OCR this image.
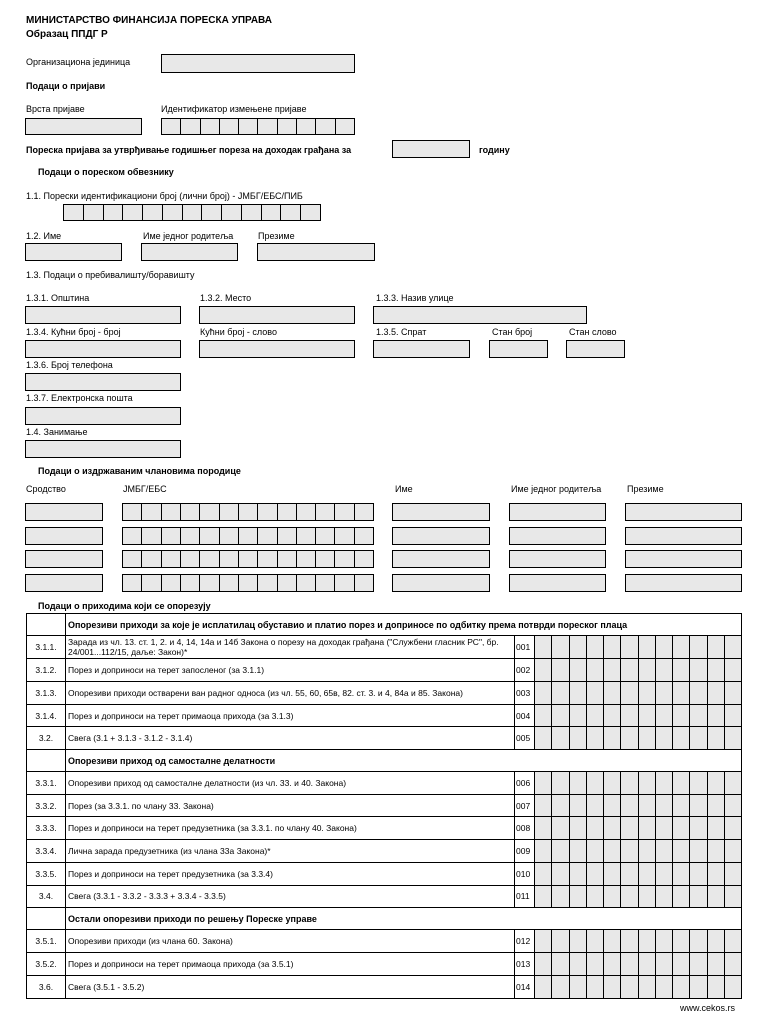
МИНИСТАРСТВО ФИНАНСИЈА ПОРЕСКА УПРАВА
Образац ППДГ Р
Организациона јединица
Подаци о пријави
Врста пријаве	Идентификатор измењене пријаве
Пореска пријава за утврђивање годишњег пореза на доходак грађана за	годину
Подаци о пореском обвезнику
1.1. Порески идентификациони број (лични број) - ЈМБГ/ЕБС/ПИБ
1.2. Име	Име једног родитеља	Презиме
1.3. Подаци о пребивалишту/боравишту
1.3.1. Општина	1.3.2. Место	1.3.3. Назив улице
1.3.4. Кућни број - број	Кућни број - слово	1.3.5. Спрат	Стан број	Стан слово
1.3.6. Број телефона
1.3.7. Електронска пошта
1.4. Занимање
Подаци о издржаваним члановима породице
Сродство	ЈМБГ/ЕБС	Име	Име једног родитеља	Презиме
Подаци о приходима који се опорезују
Опорезиви приходи за које је исплатилац обуставио и платио порез и доприносе по одбитку према потврди пореског плаца
3.1.1.	Зарада из чл. 13. ст. 1, 2. и 4, 14, 14а и 14б Закона о порезу на доходак грађана ("Службени гласник РС", бр. 24/001...112/15, даље: Закон)*	001
3.1.2.	Порез и доприноси на терет запосленог (за 3.1.1)	002
3.1.3.	Опорезиви приходи остварени ван радног односа (из чл. 55, 60, 65в, 82. ст. 3. и 4, 84а и 85. Закона)	003
3.1.4.	Порез и доприноси на терет примаоца прихода (за 3.1.3)	004
3.2.	Свега (3.1 + 3.1.3 - 3.1.2 - 3.1.4)	005
Опорезиви приход од самосталне делатности
3.3.1.	Опорезиви приход од самосталне делатности (из чл. 33. и 40. Закона)	006
3.3.2.	Порез (за 3.3.1. по члану 33. Закона)	007
3.3.3.	Порез и доприноси на терет предузетника (за 3.3.1. по члану 40. Закона)	008
3.3.4.	Лична зарада предузетника (из члана 33а Закона)*	009
3.3.5.	Порез и доприноси на терет предузетника (за 3.3.4)	010
3.4.	Свега (3.3.1 - 3.3.2 - 3.3.3 + 3.3.4 - 3.3.5)	011
Остали опорезиви приходи по решењу Пореске управе
3.5.1.	Опорезиви приходи (из члана 60. Закона)	012
3.5.2.	Порез и доприноси на терет примаоца прихода (за 3.5.1)	013
3.6.	Свега (3.5.1 - 3.5.2)	014
www.cekos.rs
